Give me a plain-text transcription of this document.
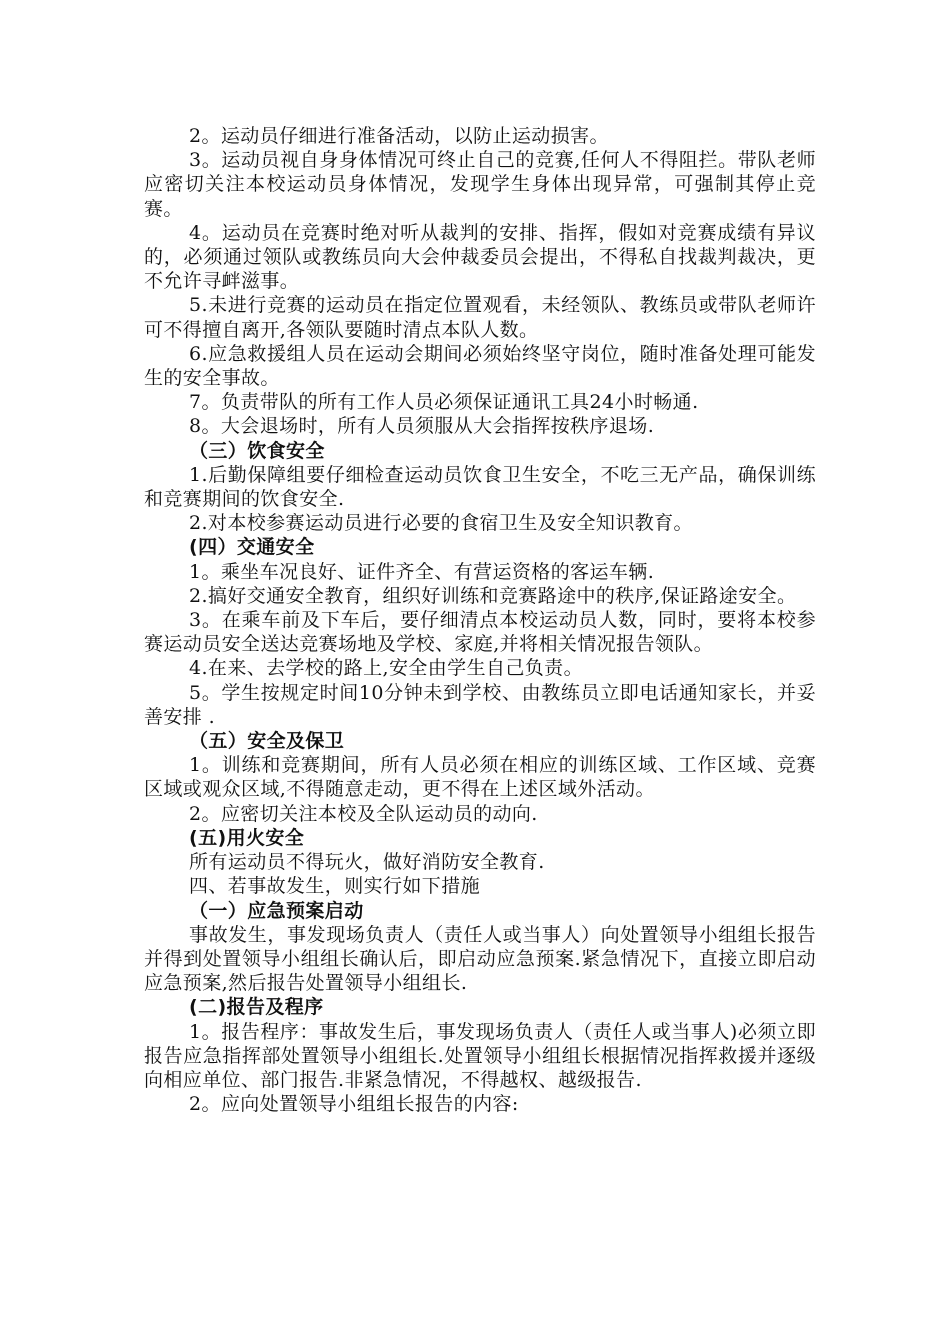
2。运动员仔细进行准备活动，以防止运动损害。

3。运动员视自身身体情况可终止自己的竞赛,任何人不得阻拦。带队老师应密切关注本校运动员身体情况，发现学生身体出现异常，可强制其停止竞赛。

4。运动员在竞赛时绝对听从裁判的安排、指挥，假如对竞赛成绩有异议的，必须通过领队或教练员向大会仲裁委员会提出，不得私自找裁判裁决，更不允许寻衅滋事。

5.未进行竞赛的运动员在指定位置观看，未经领队、教练员或带队老师许可不得擅自离开,各领队要随时清点本队人数。

6.应急救援组人员在运动会期间必须始终坚守岗位，随时准备处理可能发生的安全事故。

7。负责带队的所有工作人员必须保证通讯工具24小时畅通.

8。大会退场时，所有人员须服从大会指挥按秩序退场.

（三）饮食安全

1.后勤保障组要仔细检查运动员饮食卫生安全，不吃三无产品，确保训练和竞赛期间的饮食安全.

2.对本校参赛运动员进行必要的食宿卫生及安全知识教育。

(四）交通安全

1。乘坐车况良好、证件齐全、有营运资格的客运车辆.

2.搞好交通安全教育，组织好训练和竞赛路途中的秩序,保证路途安全。

3。在乘车前及下车后，要仔细清点本校运动员人数，同时，要将本校参赛运动员安全送达竞赛场地及学校、家庭,并将相关情况报告领队。

4.在来、去学校的路上,安全由学生自己负责。

5。学生按规定时间10分钟未到学校、由教练员立即电话通知家长，并妥善安排 .

（五）安全及保卫

1。训练和竞赛期间，所有人员必须在相应的训练区域、工作区域、竞赛区域或观众区域,不得随意走动，更不得在上述区域外活动。

2。应密切关注本校及全队运动员的动向.

(五)用火安全

所有运动员不得玩火，做好消防安全教育.

四、若事故发生，则实行如下措施

（一）应急预案启动

事故发生，事发现场负责人（责任人或当事人）向处置领导小组组长报告并得到处置领导小组组长确认后，即启动应急预案.紧急情况下，直接立即启动应急预案,然后报告处置领导小组组长.

(二)报告及程序

1。报告程序：事故发生后，事发现场负责人（责任人或当事人)必须立即报告应急指挥部处置领导小组组长.处置领导小组组长根据情况指挥救援并逐级向相应单位、部门报告.非紧急情况，不得越权、越级报告.

2。应向处置领导小组组长报告的内容:
